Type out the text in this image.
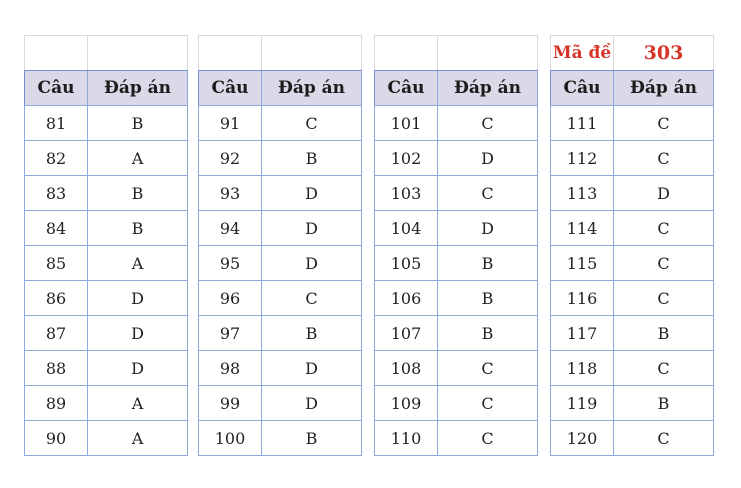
Câu	Đáp án
81	B
82	A
83	B
84	B
85	A
86	D
87	D
88	D
89	A
90	A

Câu	Đáp án
91	C
92	B
93	D
94	D
95	D
96	C
97	B
98	D
99	D
100	B

Câu	Đáp án
101	C
102	D
103	C
104	D
105	B
106	B
107	B
108	C
109	C
110	C
Mã đề	303
Câu	Đáp án
111	C
112	C
113	D
114	C
115	C
116	C
117	B
118	C
119	B
120	C
